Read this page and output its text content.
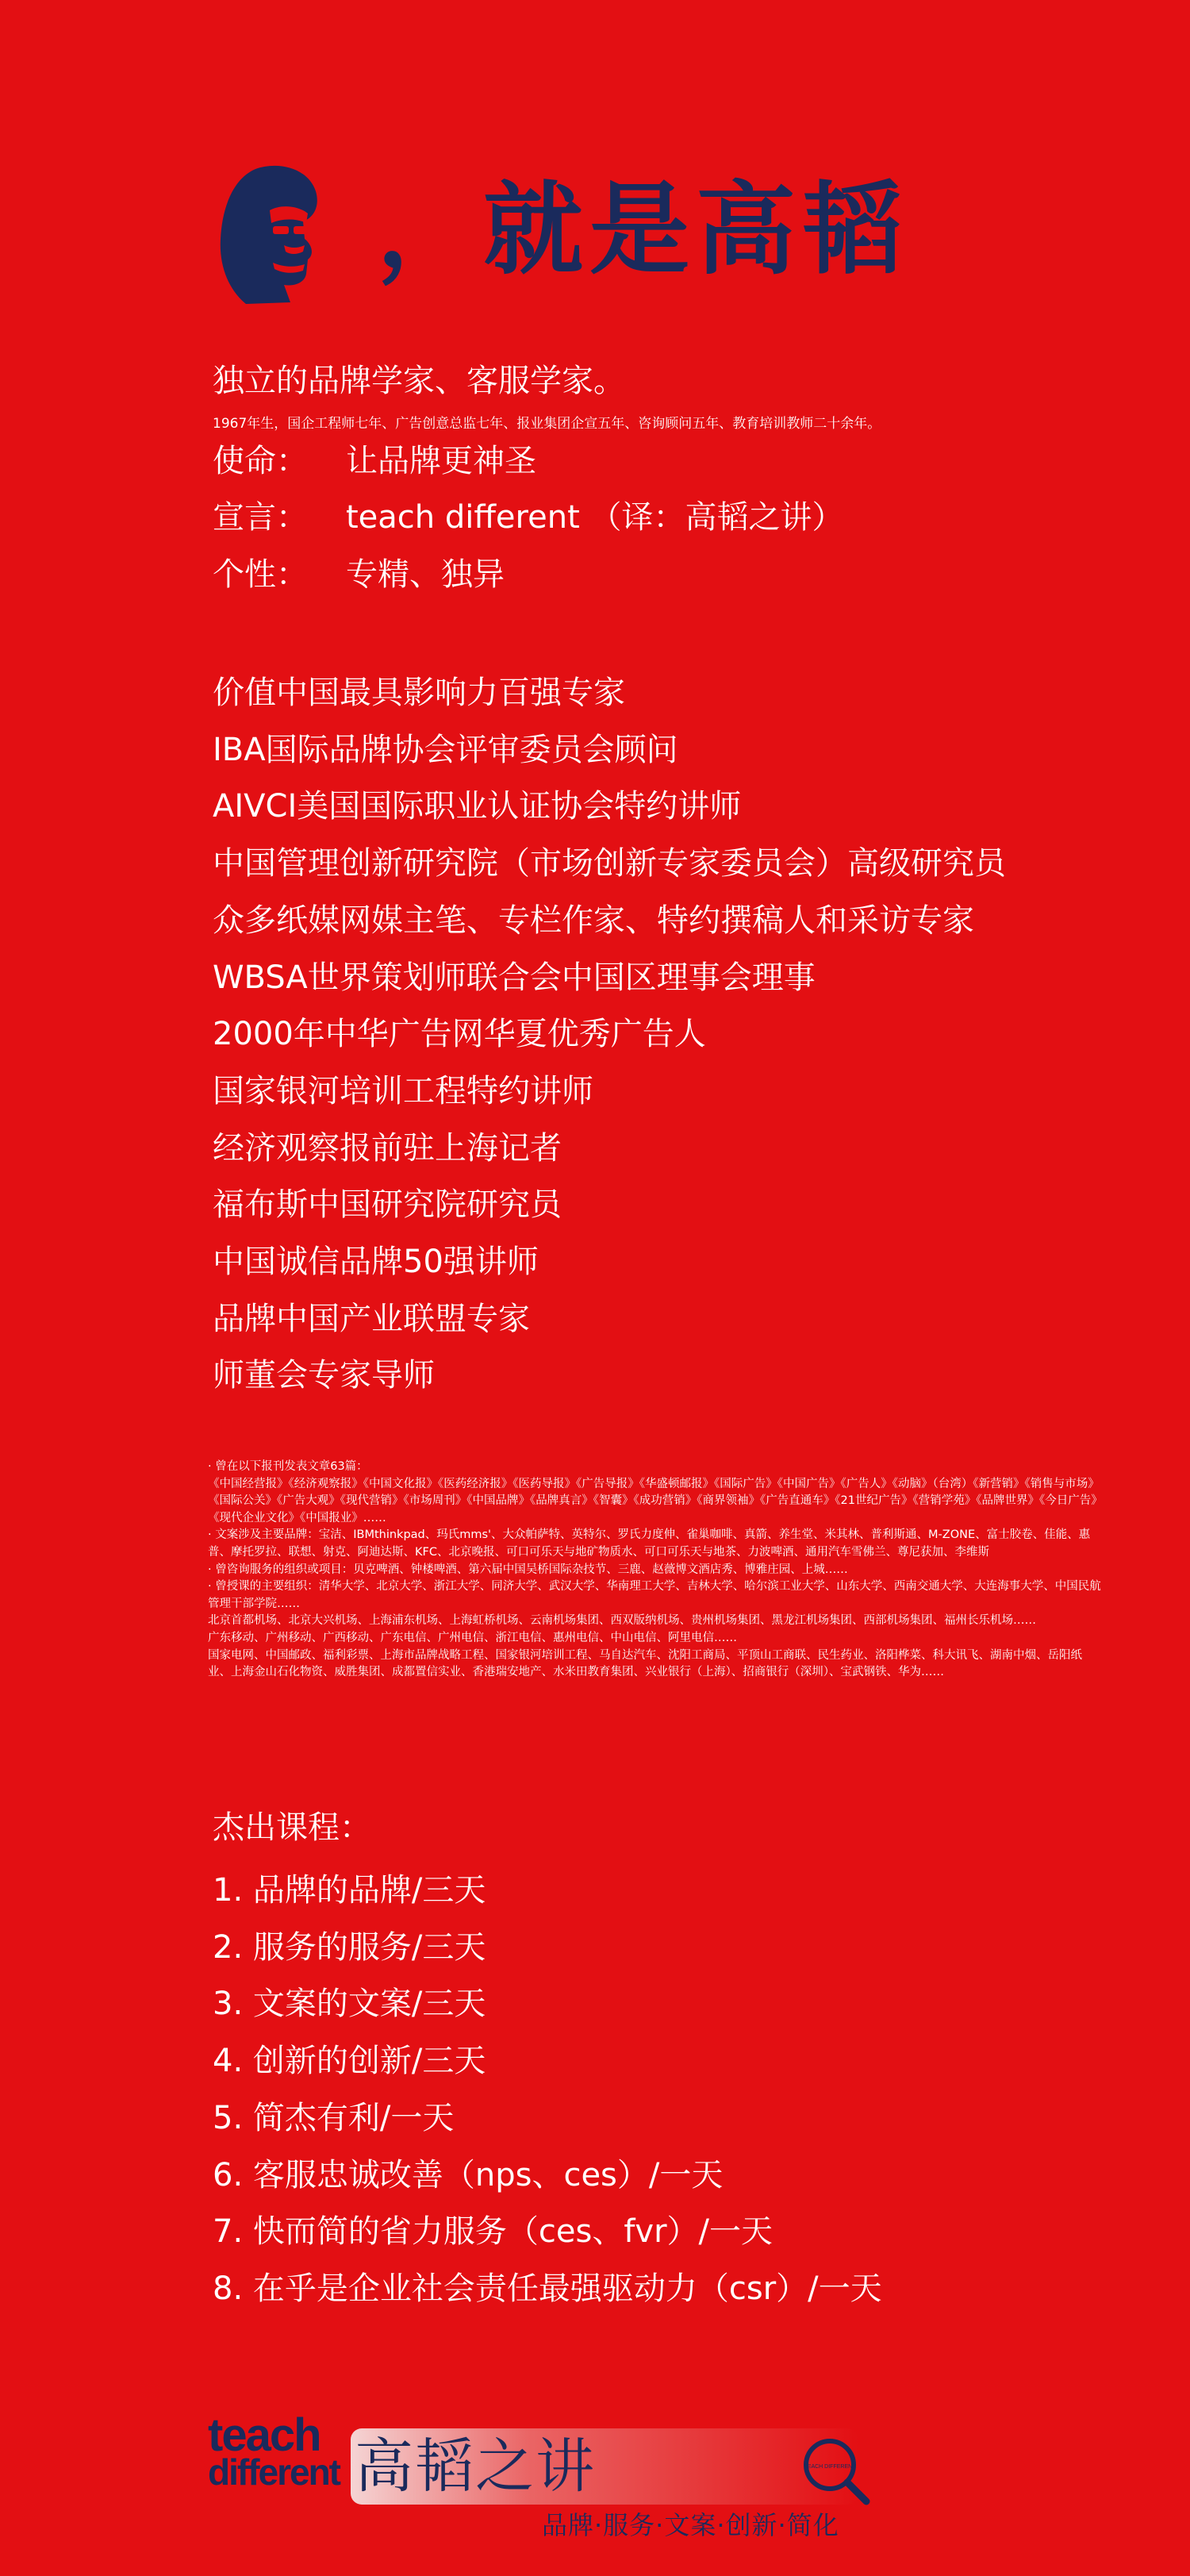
，就是高韬
独立的品牌学家、客服学家。
1967年生，国企工程师七年、广告创意总监七年、报业集团企宣五年、咨询顾问五年、教育培训教师二十余年。
使命： 让品牌更神圣
宣言： teach different （译：高韬之讲）
个性： 专精、独异
价值中国最具影响力百强专家
IBA国际品牌协会评审委员会顾问
AIVCI美国国际职业认证协会特约讲师
中国管理创新研究院（市场创新专家委员会）高级研究员
众多纸媒网媒主笔、专栏作家、特约撰稿人和采访专家
WBSA世界策划师联合会中国区理事会理事
2000年中华广告网华夏优秀广告人
国家银河培训工程特约讲师
经济观察报前驻上海记者
福布斯中国研究院研究员
中国诚信品牌50强讲师
品牌中国产业联盟专家
师董会专家导师

· 曾在以下报刊发表文章63篇：

《中国经营报》《经济观察报》《中国文化报》《医药经济报》《医药导报》《广告导报》《华盛顿邮报》《国际广告》《中国广告》《广告人》《动脑》（台湾）《新营销》《销售与市场》《国际公关》《广告大观》《现代营销》《市场周刊》《中国品牌》《品牌真言》《智囊》《成功营销》《商界领袖》《广告直通车》《21世纪广告》《营销学苑》《品牌世界》《今日广告》《现代企业文化》《中国报业》……

· 文案涉及主要品牌：宝洁、IBMthinkpad、玛氏mms'、大众帕萨特、英特尔、罗氏力度伸、雀巢咖啡、真箭、养生堂、米其林、普利斯通、M-ZONE、富士胶卷、佳能、惠普、摩托罗拉、联想、射克、阿迪达斯、KFC、北京晚报、可口可乐天与地矿物质水、可口可乐天与地茶、力波啤酒、通用汽车雪佛兰、尊尼获加、李维斯

· 曾咨询服务的组织或项目：贝克啤酒、钟楼啤酒、第六届中国吴桥国际杂技节、三鹿、赵薇博文酒店秀、博雅庄园、上城……

· 曾授课的主要组织：清华大学、北京大学、浙江大学、同济大学、武汉大学、华南理工大学、吉林大学、哈尔滨工业大学、山东大学、西南交通大学、大连海事大学、中国民航管理干部学院……

北京首都机场、北京大兴机场、上海浦东机场、上海虹桥机场、云南机场集团、西双版纳机场、贵州机场集团、黑龙江机场集团、西部机场集团、福州长乐机场……

广东移动、广州移动、广西移动、广东电信、广州电信、浙江电信、惠州电信、中山电信、阿里电信……

国家电网、中国邮政、福利彩票、上海市品牌战略工程、国家银河培训工程、马自达汽车、沈阳工商局、平顶山工商联、民生药业、洛阳桦菜、科大讯飞、湖南中烟、岳阳纸业、上海金山石化物资、威胜集团、成都置信实业、香港瑞安地产、水米田教育集团、兴业银行（上海）、招商银行（深圳）、宝武钢铁、华为……

杰出课程：
1. 品牌的品牌/三天
2. 服务的服务/三天
3. 文案的文案/三天
4. 创新的创新/三天
5. 简杰有利/一天
6. 客服忠诚改善（nps、ces）/一天
7. 快而简的省力服务（ces、fvr）/一天
8. 在乎是企业社会责任最强驱动力（csr）/一天
teach
different 高韬之讲	TEACH DIFFERENT
品牌·服务·文案·创新·简化
